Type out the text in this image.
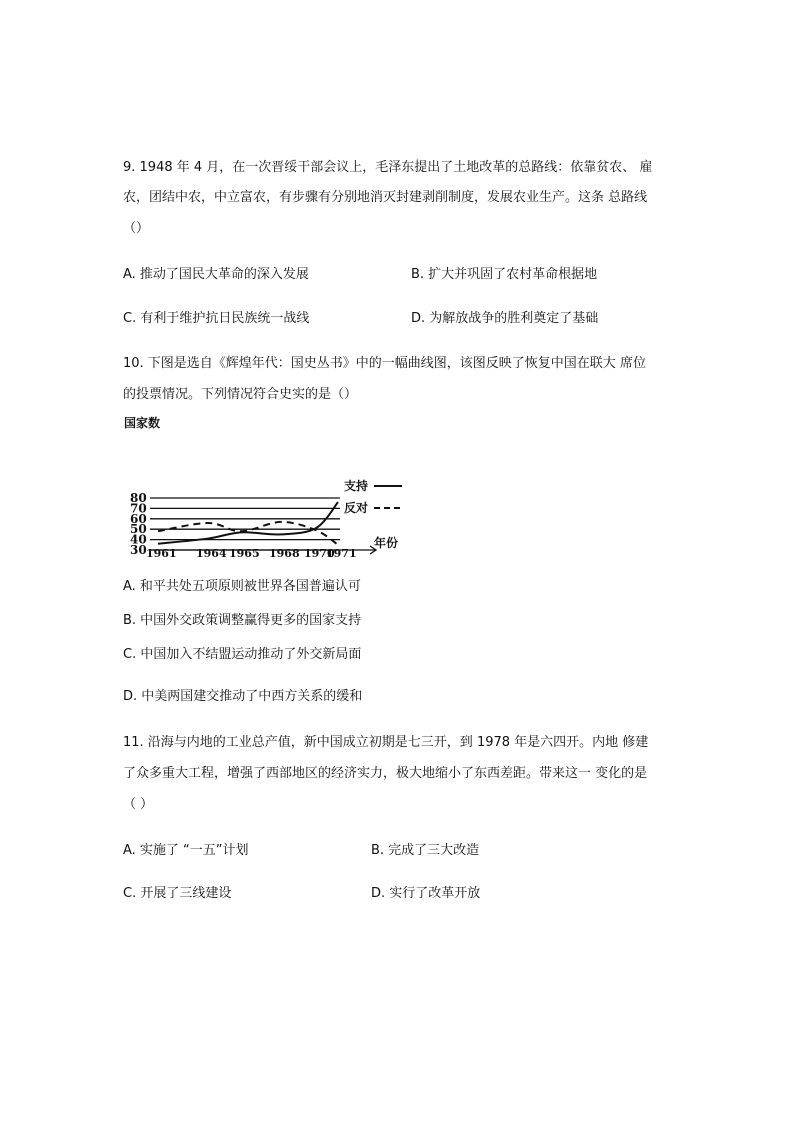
9. 1948 年 4 月，在一次晋绥干部会议上，毛泽东提出了土地改革的总路线：依靠贫农、 雇
农，团结中农，中立富农，有步骤有分别地消灭封建剥削制度，发展农业生产。这条 总路线
（）
A. 推动了国民大革命的深入发展	B. 扩大并巩固了农村革命根据地
C. 有利于维护抗日民族统一战线	D. 为解放战争的胜利奠定了基础
10. 下图是选自《辉煌年代：国史丛书》中的一幅曲线图，该图反映了恢复中国在联大 席位
的投票情况。下列情况符合史实的是（）
国家数
30
40
50
60
70
80
1961 1964 1965 1968 1970
1971
年份
支持
反对
A. 和平共处五项原则被世界各国普遍认可
B. 中国外交政策调整赢得更多的国家支持
C. 中国加入不结盟运动推动了外交新局面
D. 中美两国建交推动了中西方关系的缓和
11. 沿海与内地的工业总产值，新中国成立初期是七三开，到 1978 年是六四开。内地 修建
了众多重大工程，增强了西部地区的经济实力，极大地缩小了东西差距。带来这一 变化的是
（ ）
A. 实施了 “一五”计划	B. 完成了三大改造
C. 开展了三线建设	D. 实行了改革开放
